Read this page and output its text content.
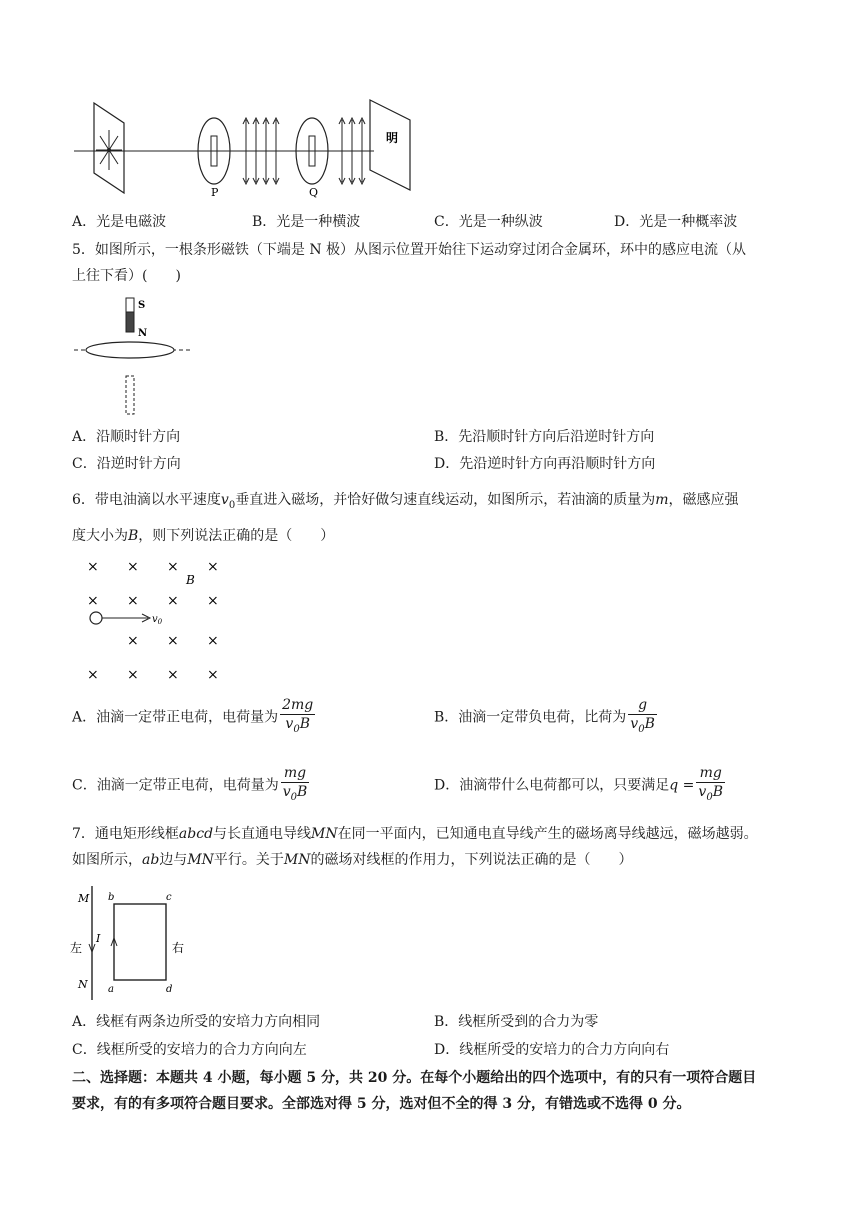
P	Q
明
A．光是电磁波	B．光是一种横波	C．光是一种纵波	D．光是一种概率波
5．如图所示，一根条形磁铁（下端是 N 极）从图示位置开始往下运动穿过闭合金属环，环中的感应电流（从
上往下看）(　　)
S
N
A．沿顺时针方向	B．先沿顺时针方向后沿逆时针方向
C．沿逆时针方向	D．先沿逆时针方向再沿顺时针方向
6．带电油滴以水平速度$v_0$垂直进入磁场，并恰好做匀速直线运动，如图所示，若油滴的质量为m，磁感应强
度大小为B，则下列说法正确的是（　　）
B
$v_0$
× × × ×
× × × ×
× × ×
× × × ×
A．油滴一定带正电荷，电荷量为 $\frac{2mg}{v_0B}$	B．油滴一定带负电荷，比荷为 $\frac{g}{v_0B}$
C．油滴一定带正电荷，电荷量为 $\frac{mg}{v_0B}$	D．油滴带什么电荷都可以，只要满足$q = \frac{mg}{v_0B}$
7．通电矩形线框abcd与长直通电导线MN在同一平面内，已知通电直导线产生的磁场离导线越远，磁场越弱。
如图所示，ab边与MN平行。关于MN的磁场对线框的作用力，下列说法正确的是（　　）
M
N
I
左
b	c
a	d
右
A．线框有两条边所受的安培力方向相同	B．线框所受到的合力为零
C．线框所受的安培力的合力方向向左	D．线框所受的安培力的合力方向向右
二、选择题：本题共 4 小题，每小题 5 分，共 20 分。在每个小题给出的四个选项中，有的只有一项符合题目
要求，有的有多项符合题目要求。全部选对得 5 分，选对但不全的得 3 分，有错选或不选得 0 分。
